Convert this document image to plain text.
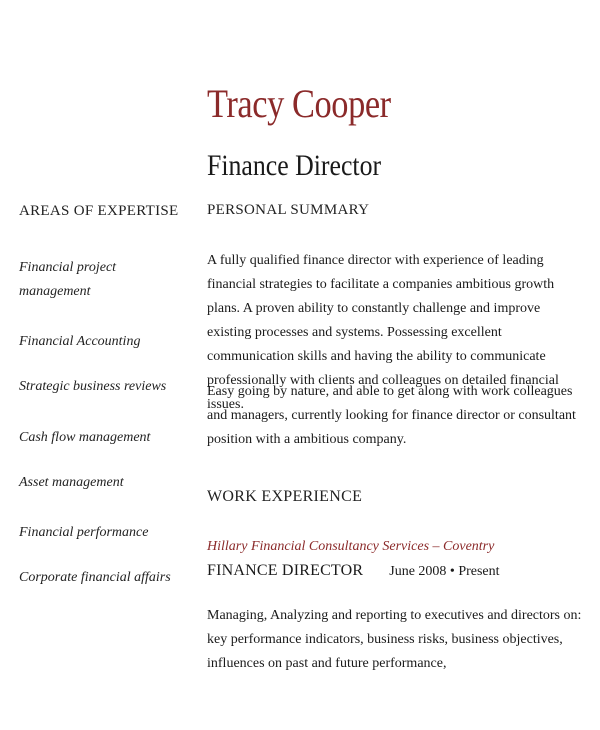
Tracy Cooper
Finance Director
AREAS OF EXPERTISE PERSONAL SUMMARY
Financial project management
Financial Accounting
Strategic business reviews
Cash flow management
Asset management
Financial performance
Corporate financial affairs
A fully qualified finance director with experience of leading financial strategies to facilitate a companies ambitious growth plans. A proven ability to constantly challenge and improve existing processes and systems. Possessing excellent communication skills and having the ability to communicate professionally with clients and colleagues on detailed financial issues.
Easy going by nature, and able to get along with work colleagues and managers, currently looking for finance director or consultant position with a ambitious company.
WORK EXPERIENCE
Hillary Financial Consultancy Services – Coventry
FINANCE DIRECTOR June 2008 • Present
Managing, Analyzing and reporting to executives and directors on: key performance indicators, business risks, business objectives, influences on past and future performance,
